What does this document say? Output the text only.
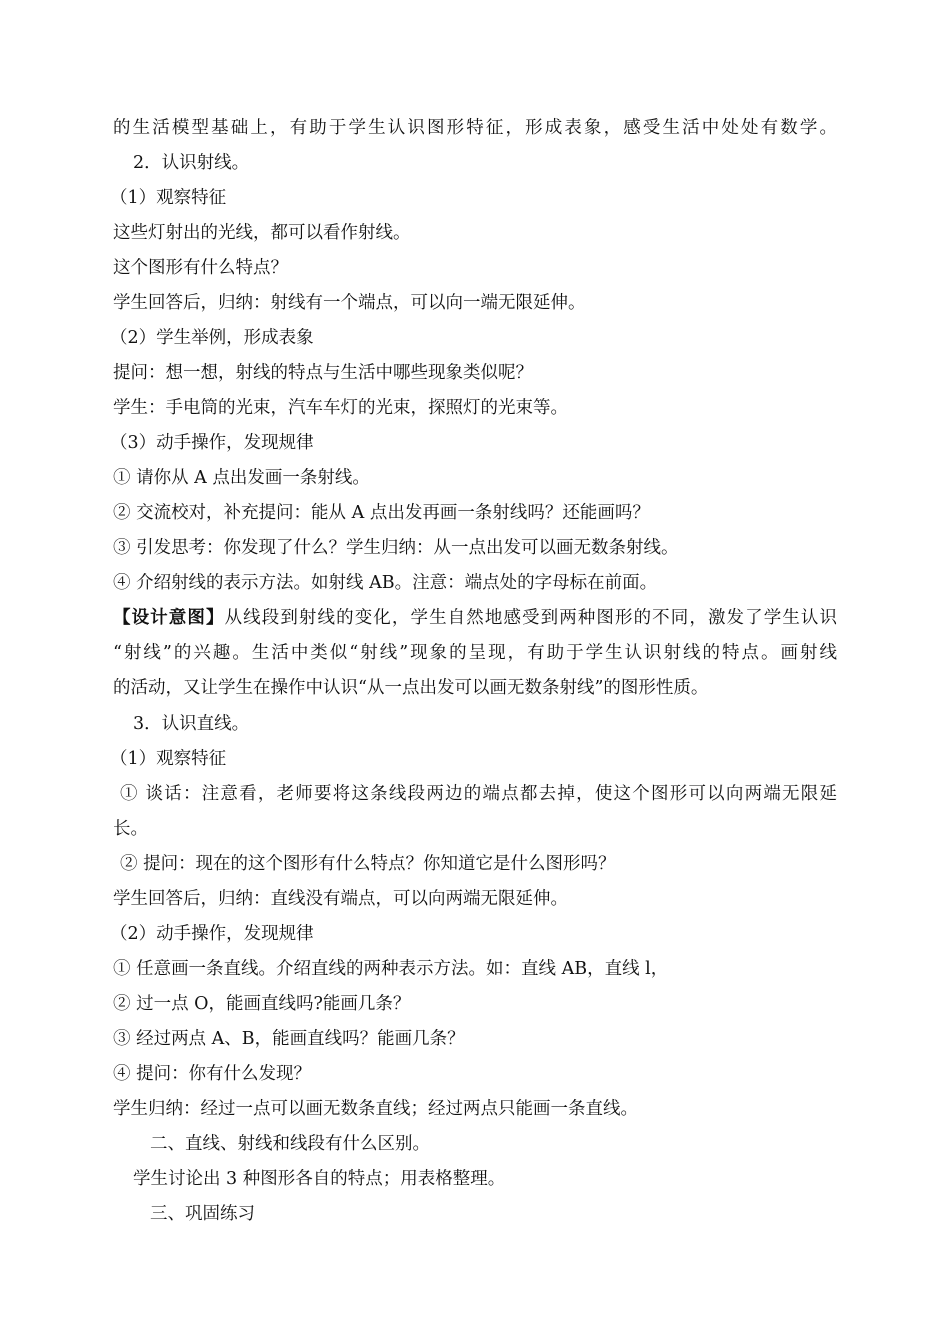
的生活模型基础上，有助于学生认识图形特征，形成表象，感受生活中处处有数学。
2．认识射线。
（1）观察特征
这些灯射出的光线，都可以看作射线。
这个图形有什么特点？
学生回答后，归纳：射线有一个端点，可以向一端无限延伸。
（2）学生举例，形成表象
提问：想一想，射线的特点与生活中哪些现象类似呢？
学生：手电筒的光束，汽车车灯的光束，探照灯的光束等。
（3）动手操作，发现规律
① 请你从 A 点出发画一条射线。
② 交流校对，补充提问：能从 A 点出发再画一条射线吗？还能画吗？
③ 引发思考：你发现了什么？学生归纳：从一点出发可以画无数条射线。
④ 介绍射线的表示方法。如射线 AB。注意：端点处的字母标在前面。
【设计意图】从线段到射线的变化，学生自然地感受到两种图形的不同，激发了学生认识
“射线”的兴趣。生活中类似“射线”现象的呈现，有助于学生认识射线的特点。画射线
的活动，又让学生在操作中认识“从一点出发可以画无数条射线”的图形性质。
3．认识直线。
（1）观察特征
① 谈话：注意看，老师要将这条线段两边的端点都去掉，使这个图形可以向两端无限延
长。
② 提问：现在的这个图形有什么特点？你知道它是什么图形吗？
学生回答后，归纳：直线没有端点，可以向两端无限延伸。
（2）动手操作，发现规律
① 任意画一条直线。介绍直线的两种表示方法。如：直线 AB，直线 l，
② 过一点 O，能画直线吗?能画几条？
③ 经过两点 A、B，能画直线吗？能画几条？
④ 提问：你有什么发现？
学生归纳：经过一点可以画无数条直线；经过两点只能画一条直线。
二、直线、射线和线段有什么区别。
学生讨论出 3 种图形各自的特点；用表格整理。
三、巩固练习
